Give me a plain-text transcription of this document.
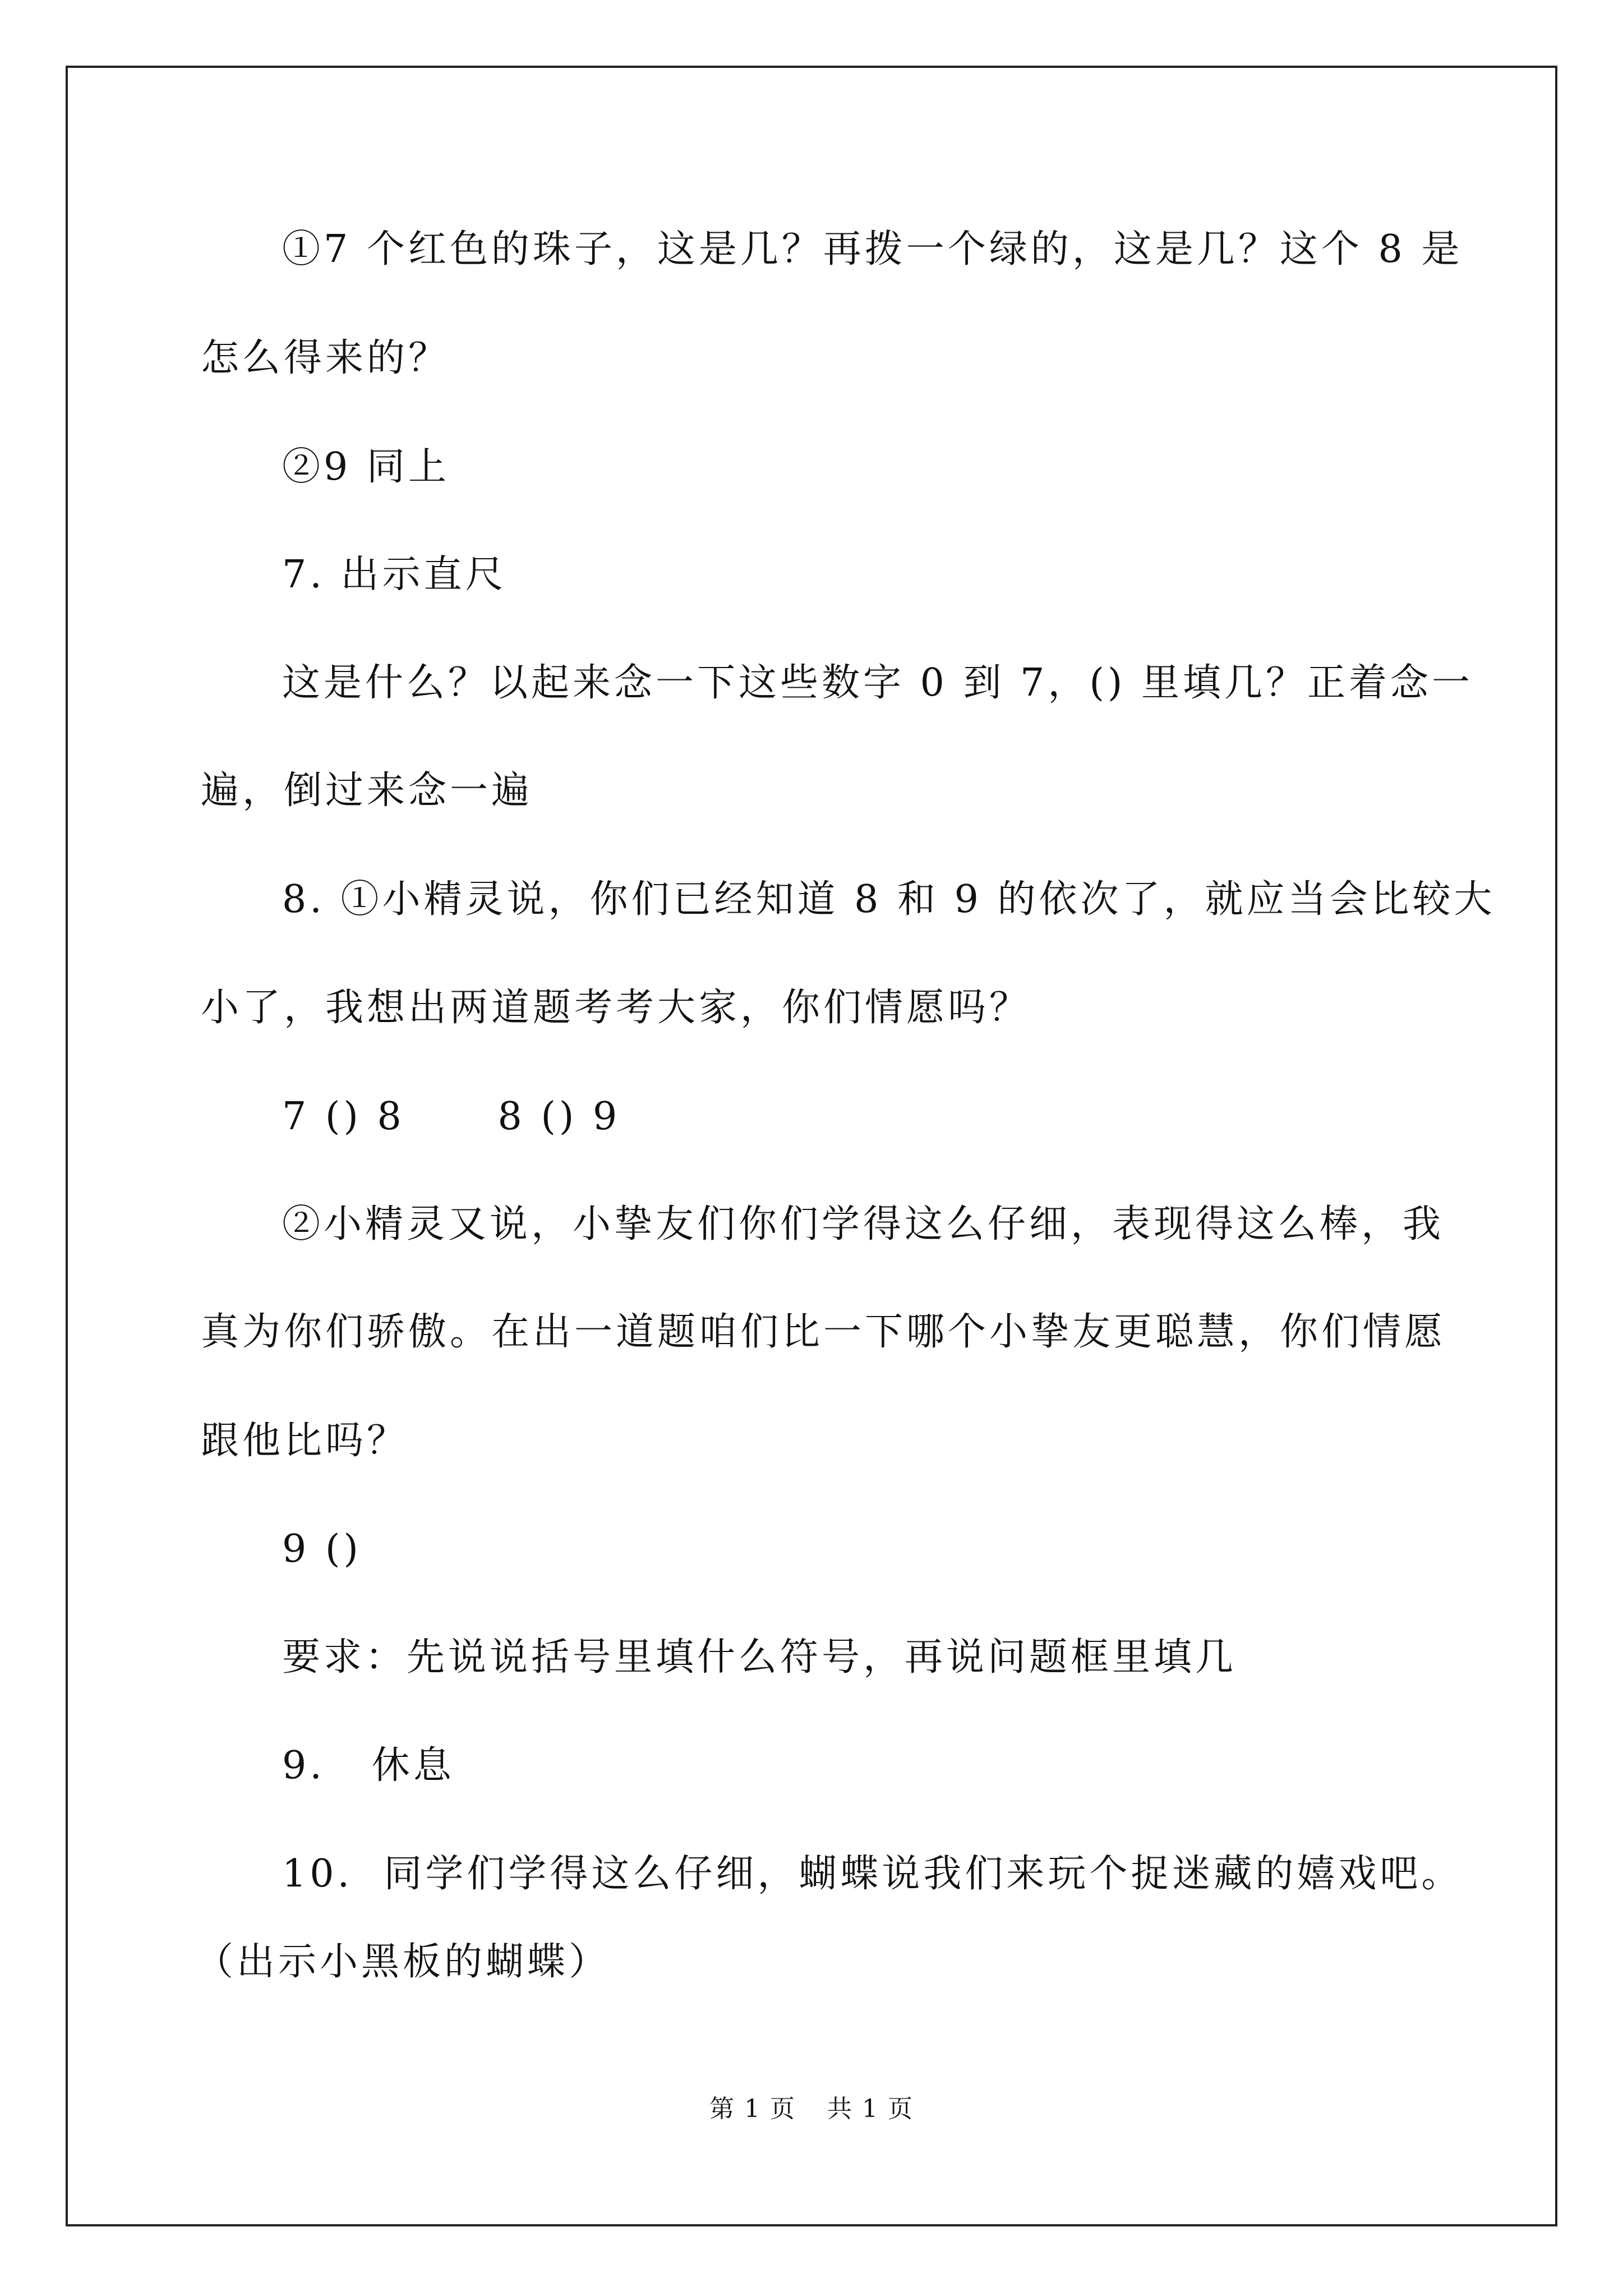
①7 个红色的珠子，这是几？再拨一个绿的，这是几？这个 8 是
怎么得来的？
②9 同上
7. 出示直尺
这是什么？以起来念一下这些数字 0 到 7，() 里填几？正着念一
遍，倒过来念一遍
8. ①小精灵说，你们已经知道 8 和 9 的依次了，就应当会比较大
小了，我想出两道题考考大家，你们情愿吗？
7 () 8      8 () 9
②小精灵又说，小挚友们你们学得这么仔细，表现得这么棒，我
真为你们骄傲。在出一道题咱们比一下哪个小挚友更聪慧，你们情愿
跟他比吗？
9 ()
要求：先说说括号里填什么符号，再说问题框里填几
9.   休息
10.  同学们学得这么仔细，蝴蝶说我们来玩个捉迷藏的嬉戏吧。
（出示小黑板的蝴蝶）
第 1 页 共 1 页
